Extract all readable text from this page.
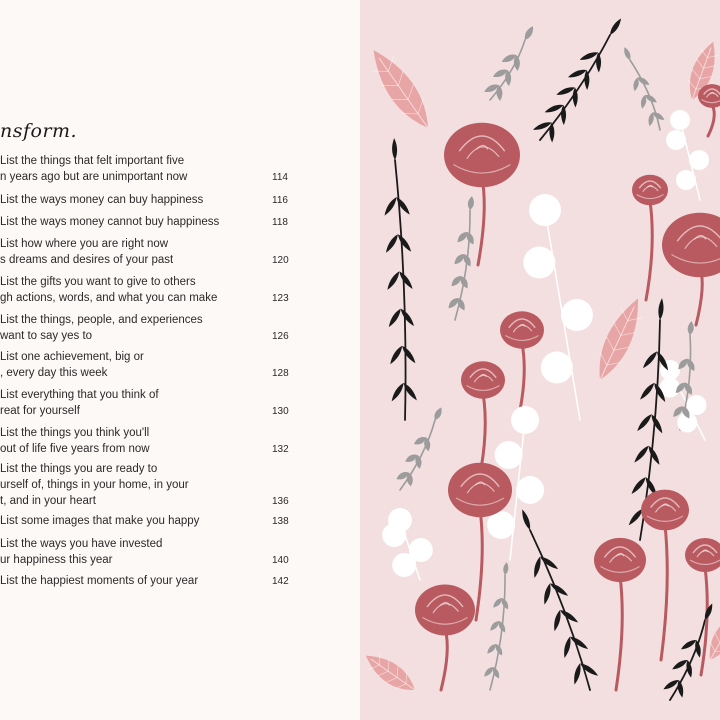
nsform.
List the things that felt important five
n years ago but are unimportant now	114
List the ways money can buy happiness	116
List the ways money cannot buy happiness	118
List how where you are right now
s dreams and desires of your past	120
List the gifts you want to give to others
gh actions, words, and what you can make	123
List the things, people, and experiences
want to say yes to	126
List one achievement, big or
, every day this week	128
List everything that you think of
reat for yourself	130
List the things you think you'll
out of life five years from now	132
List the things you are ready to
urself of, things in your home, in your
t, and in your heart	136
List some images that make you happy	138
List the ways you have invested
ur happiness this year	140
List the happiest moments of your year	142
